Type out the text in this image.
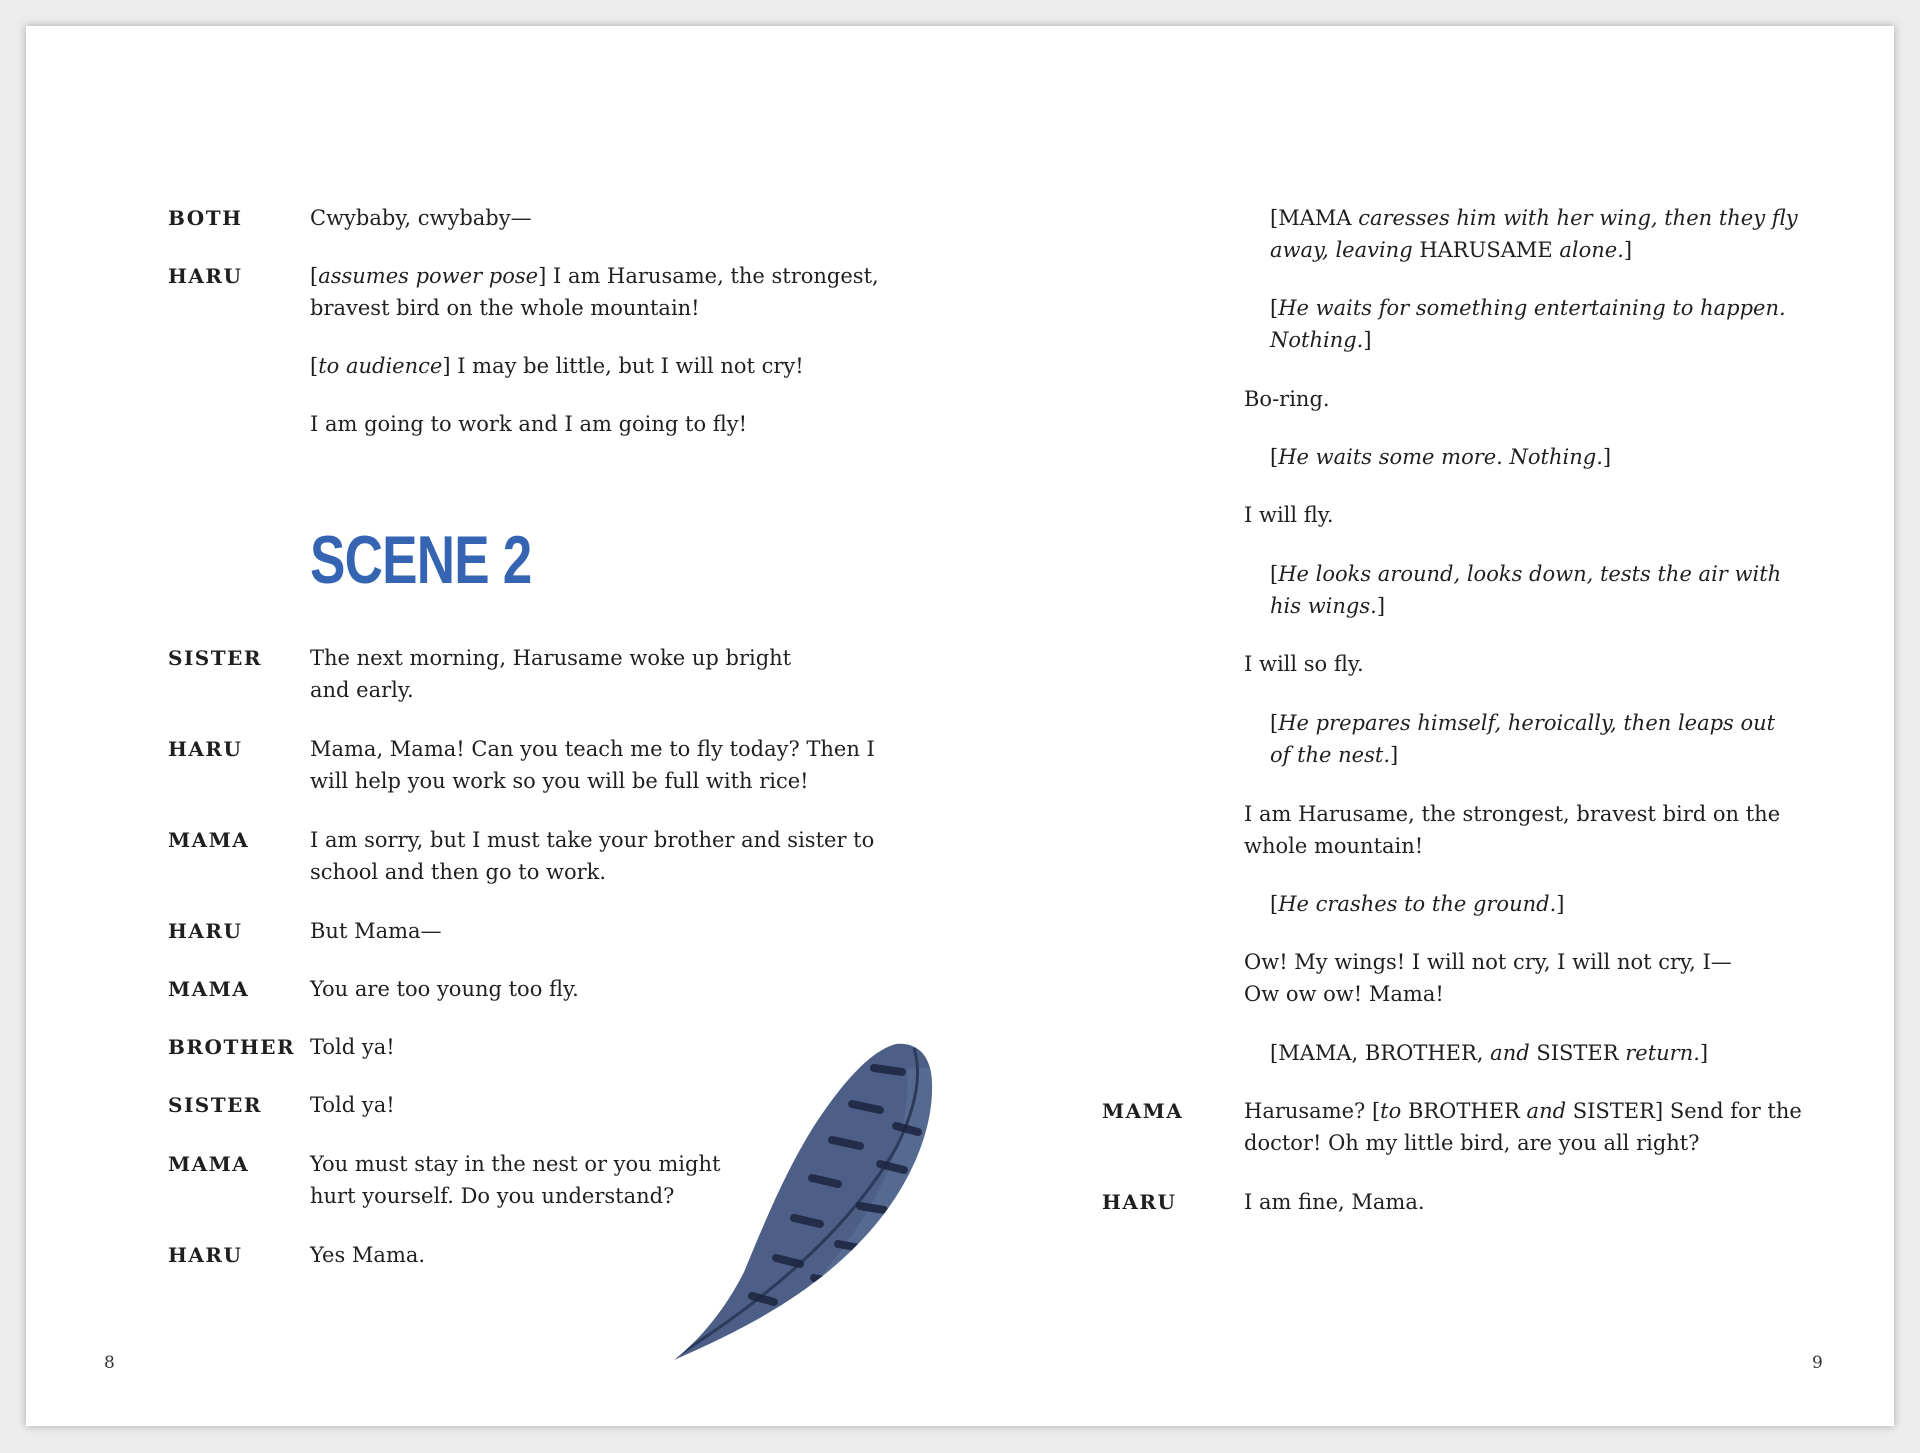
BOTH	Cwybaby, cwybaby—
HARU	[assumes power pose] I am Harusame, the strongest,
bravest bird on the whole mountain!
[to audience] I may be little, but I will not cry!
I am going to work and I am going to fly!
SCENE 2
SISTER The next morning, Harusame woke up bright
and early.
HARU	Mama, Mama! Can you teach me to fly today? Then I
will help you work so you will be full with rice!
MAMA	I am sorry, but I must take your brother and sister to
school and then go to work.
HARU	But Mama—
MAMA	You are too young too fly.
BROTHER Told ya!
SISTER Told ya!
MAMA	You must stay in the nest or you might
hurt yourself. Do you understand?
HARU	Yes Mama.
8
[MAMA caresses him with her wing, then they fly
away, leaving HARUSAME alone.]
[He waits for something entertaining to happen.
Nothing.]
Bo-ring.
[He waits some more. Nothing.]
I will fly.
[He looks around, looks down, tests the air with
his wings.]
I will so fly.
[He prepares himself, heroically, then leaps out
of the nest.]
I am Harusame, the strongest, bravest bird on the
whole mountain!
[He crashes to the ground.]
Ow! My wings! I will not cry, I will not cry, I—
Ow ow ow! Mama!
[MAMA, BROTHER, and SISTER return.]
MAMA	Harusame? [to BROTHER and SISTER] Send for the
doctor! Oh my little bird, are you all right?
HARU	I am fine, Mama.
9
